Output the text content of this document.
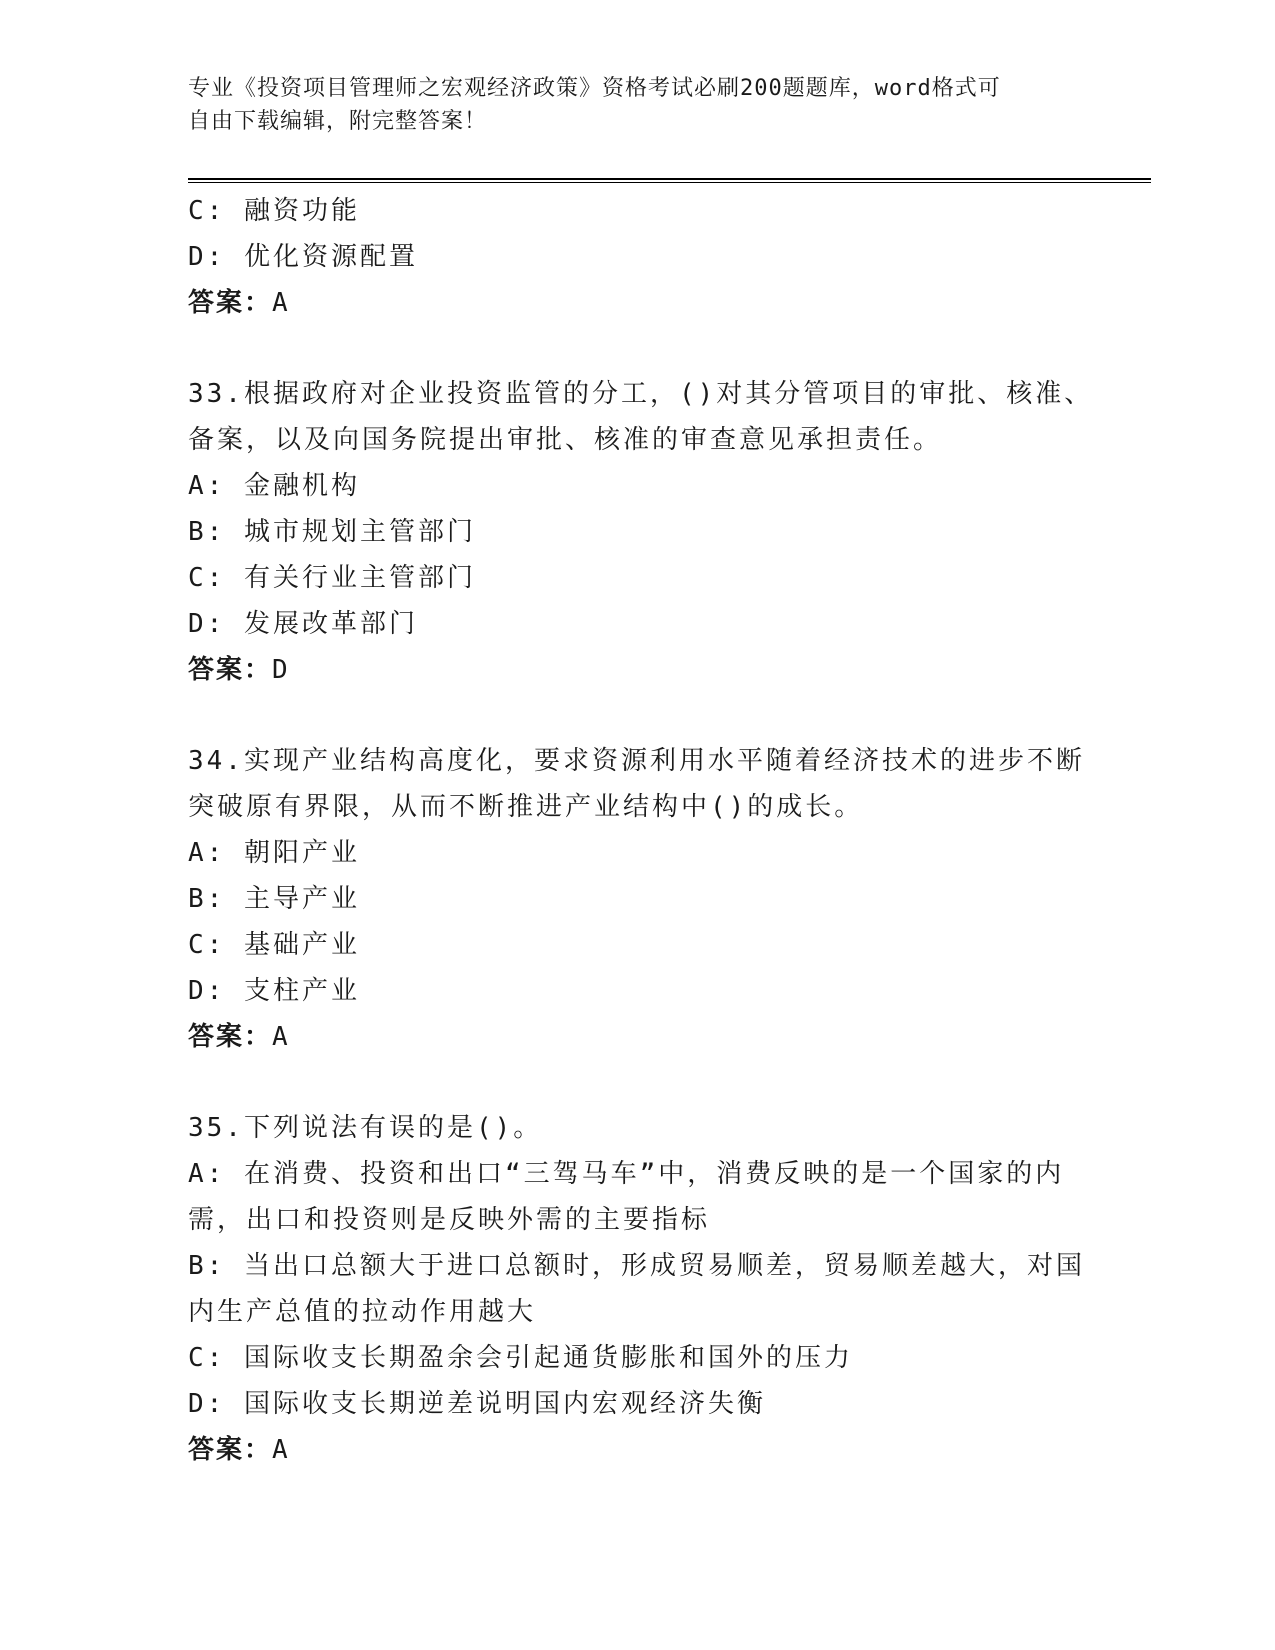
专业《投资项目管理师之宏观经济政策》资格考试必刷200题题库，word格式可
自由下载编辑，附完整答案！
C: 融资功能
D: 优化资源配置
答案：A
33.根据政府对企业投资监管的分工，()对其分管项目的审批、核准、
备案，以及向国务院提出审批、核准的审查意见承担责任。
A: 金融机构
B: 城市规划主管部门
C: 有关行业主管部门
D: 发展改革部门
答案：D
34.实现产业结构高度化，要求资源利用水平随着经济技术的进步不断
突破原有界限，从而不断推进产业结构中()的成长。
A: 朝阳产业
B: 主导产业
C: 基础产业
D: 支柱产业
答案：A
35.下列说法有误的是()。
A: 在消费、投资和出口“三驾马车”中，消费反映的是一个国家的内
需，出口和投资则是反映外需的主要指标
B: 当出口总额大于进口总额时，形成贸易顺差，贸易顺差越大，对国
内生产总值的拉动作用越大
C: 国际收支长期盈余会引起通货膨胀和国外的压力
D: 国际收支长期逆差说明国内宏观经济失衡
答案：A
